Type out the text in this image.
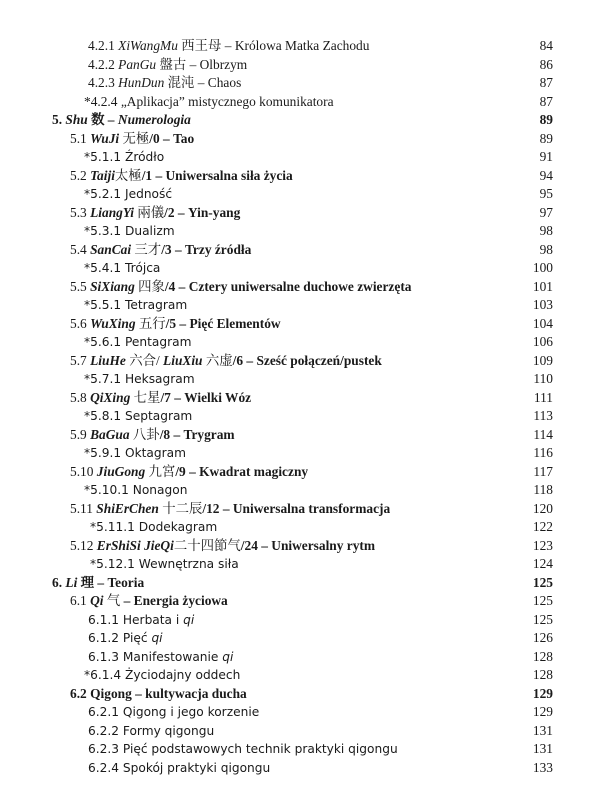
4.2.1 XiWangMu 西王母 – Królowa Matka Zachodu	84
4.2.2 PanGu 盤古 – Olbrzym	86
4.2.3 HunDun 混沌 – Chaos	87
*4.2.4 „Aplikacja” mistycznego komunikatora	87
5. Shu 数 – Numerologia	89
5.1 WuJi 无極/0 – Tao	89
*5.1.1 Źródło	91
5.2 Taiji太極/1 – Uniwersalna siła życia	94
*5.2.1 Jedność	95
5.3 LiangYi 兩儀/2 – Yin-yang	97
*5.3.1 Dualizm	98
5.4 SanCai 三才/3 – Trzy źródła	98
*5.4.1 Trójca	100
5.5 SiXiang 四象/4 – Cztery uniwersalne duchowe zwierzęta	101
*5.5.1 Tetragram	103
5.6 WuXing 五行/5 – Pięć Elementów	104
*5.6.1 Pentagram	106
5.7 LiuHe 六合/ LiuXiu 六虚/6 – Sześć połączeń/pustek	109
*5.7.1 Heksagram	110
5.8 QiXing 七星/7 – Wielki Wóz	111
*5.8.1 Septagram	113
5.9 BaGua 八卦/8 – Trygram	114
*5.9.1 Oktagram	116
5.10 JiuGong 九宮/9 – Kwadrat magiczny	117
*5.10.1 Nonagon	118
5.11 ShiErChen 十二辰/12 – Uniwersalna transformacja	120
*5.11.1 Dodekagram	122
5.12 ErShiSi JieQi二十四節气/24 – Uniwersalny rytm	123
*5.12.1 Wewnętrzna siła	124
6. Li 理 – Teoria	125
6.1 Qi 气 – Energia życiowa	125
6.1.1 Herbata i qi	125
6.1.2 Pięć qi	126
6.1.3 Manifestowanie qi	128
*6.1.4 Życiodajny oddech	128
6.2 Qigong – kultywacja ducha	129
6.2.1 Qigong i jego korzenie	129
6.2.2 Formy qigongu	131
6.2.3 Pięć podstawowych technik praktyki qigongu	131
6.2.4 Spokój praktyki qigongu	133
